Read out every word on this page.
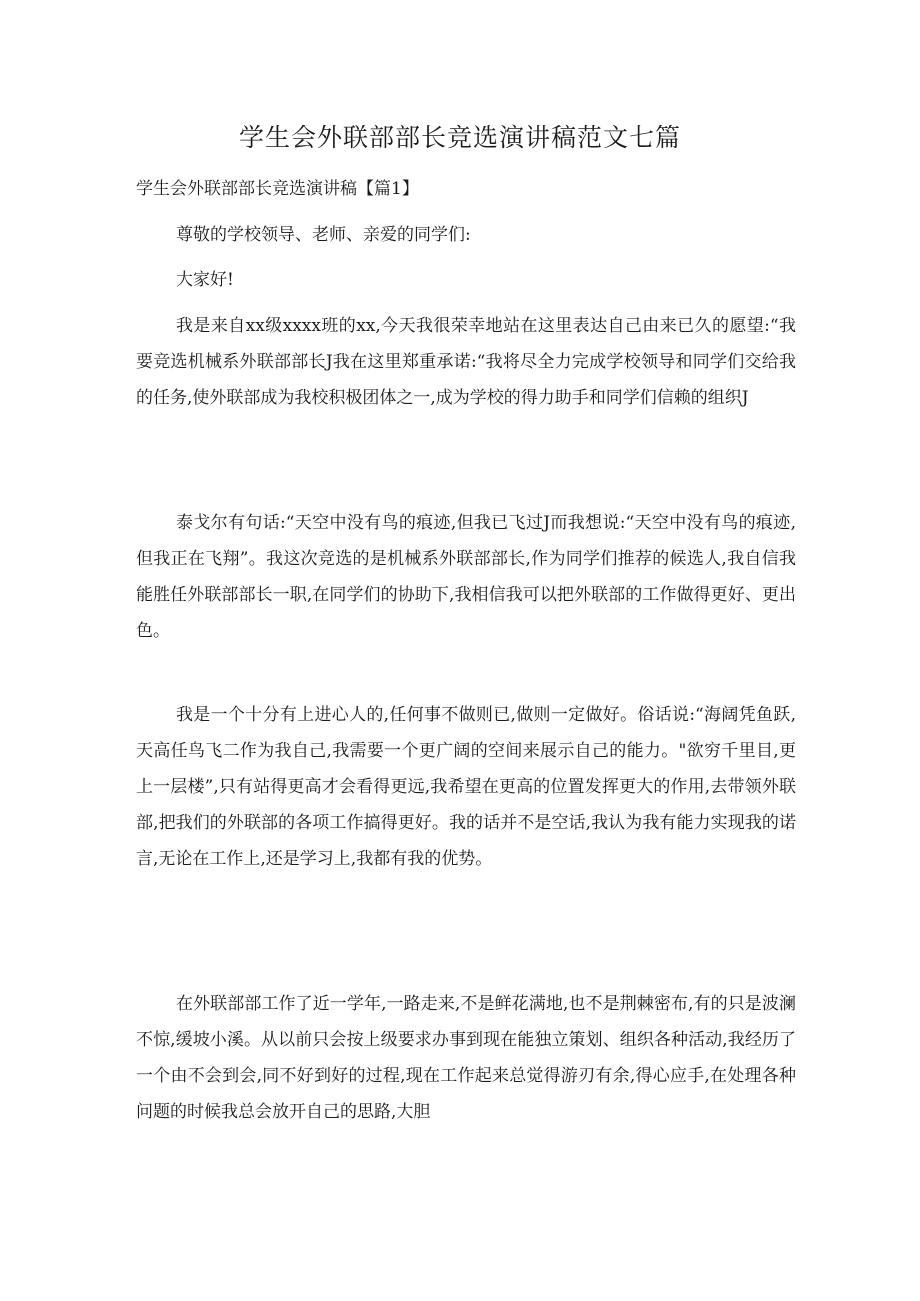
学生会外联部部长竞选演讲稿范文七篇
学生会外联部部长竞选演讲稿【篇1】

尊敬的学校领导、老师、亲爱的同学们:

大家好!

我是来自xx级xxxx班的xx,今天我很荣幸地站在这里表达自己由来已久的愿望:“我要竞选机械系外联部部长J我在这里郑重承诺:“我将尽全力完成学校领导和同学们交给我的任务,使外联部成为我校积极团体之一,成为学校的得力助手和同学们信赖的组织J

泰戈尔有句话:“天空中没有鸟的痕迹,但我已飞过J而我想说:“天空中没有鸟的痕迹,但我正在飞翔”。我这次竞选的是机械系外联部部长,作为同学们推荐的候选人,我自信我能胜任外联部部长一职,在同学们的协助下,我相信我可以把外联部的工作做得更好、更出色。

我是一个十分有上进心人的,任何事不做则已,做则一定做好。俗话说:“海阔凭鱼跃,天高任鸟飞二作为我自己,我需要一个更广阔的空间来展示自己的能力。"欲穷千里目,更上一层楼”,只有站得更高才会看得更远,我希望在更高的位置发挥更大的作用,去带领外联部,把我们的外联部的各项工作搞得更好。我的话并不是空话,我认为我有能力实现我的诺言,无论在工作上,还是学习上,我都有我的优势。

在外联部部工作了近一学年,一路走来,不是鲜花满地,也不是荆棘密布,有的只是波澜不惊,缓坡小溪。从以前只会按上级要求办事到现在能独立策划、组织各种活动,我经历了一个由不会到会,同不好到好的过程,现在工作起来总觉得游刃有余,得心应手,在处理各种问题的时候我总会放开自己的思路,大胆
